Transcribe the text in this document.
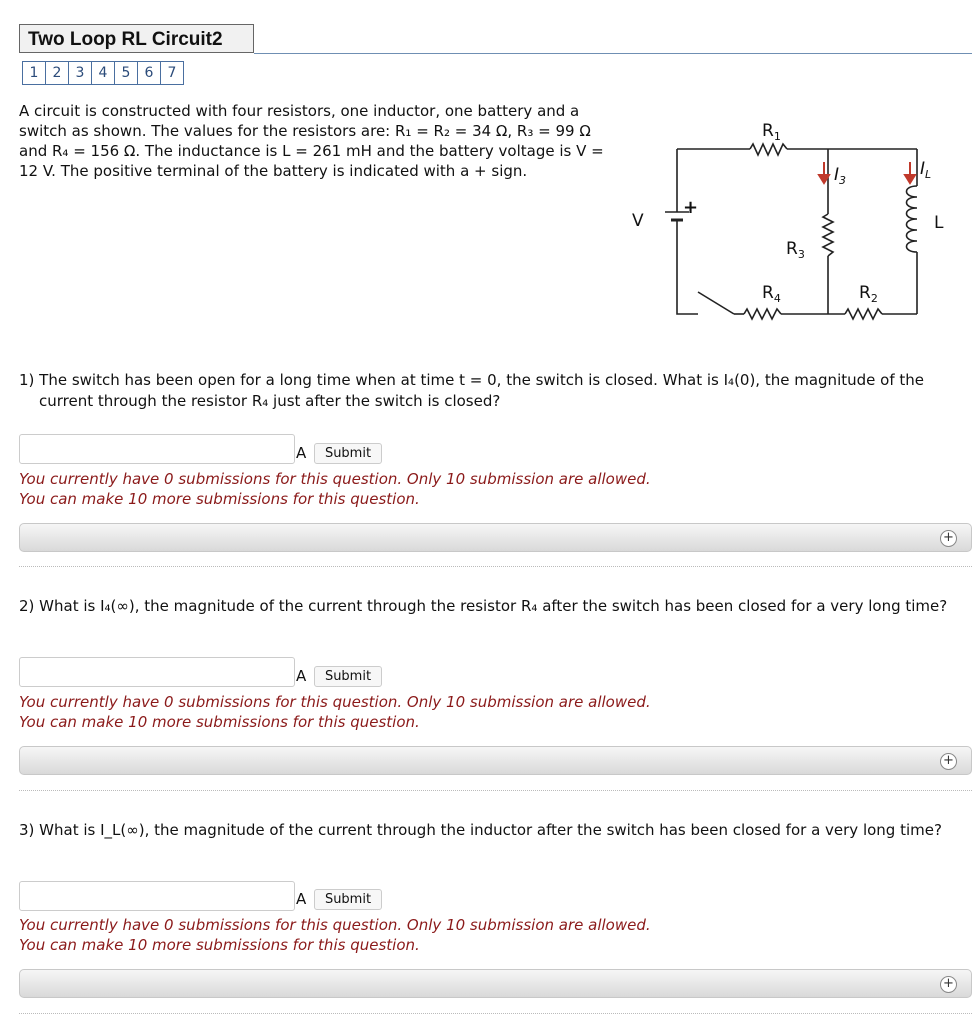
Two Loop RL Circuit2
1	2	3	4	5	6	7
A circuit is constructed with four resistors, one inductor, one battery and a switch as shown. The values for the resistors are: R₁ = R₂ = 34 Ω, R₃ = 99 Ω and R₄ = 156 Ω. The inductance is L = 261 mH and the battery voltage is V = 12 V. The positive terminal of the battery is indicated with a + sign.
V
+
$R_1$
$R_3$
$R_4$	$R_2$
$I_3$
$I_L$
L
1) The switch has been open for a long time when at time t = 0, the switch is closed. What is I₄(0), the magnitude of the current through the resistor R₄ just after the switch is closed?
A	Submit
You currently have 0 submissions for this question. Only 10 submission are allowed.
You can make 10 more submissions for this question.
+
2) What is I₄(∞), the magnitude of the current through the resistor R₄ after the switch has been closed for a very long time?
A	Submit
You currently have 0 submissions for this question. Only 10 submission are allowed.
You can make 10 more submissions for this question.
+
3) What is I_L(∞), the magnitude of the current through the inductor after the switch has been closed for a very long time?
A	Submit
You currently have 0 submissions for this question. Only 10 submission are allowed.
You can make 10 more submissions for this question.
+
